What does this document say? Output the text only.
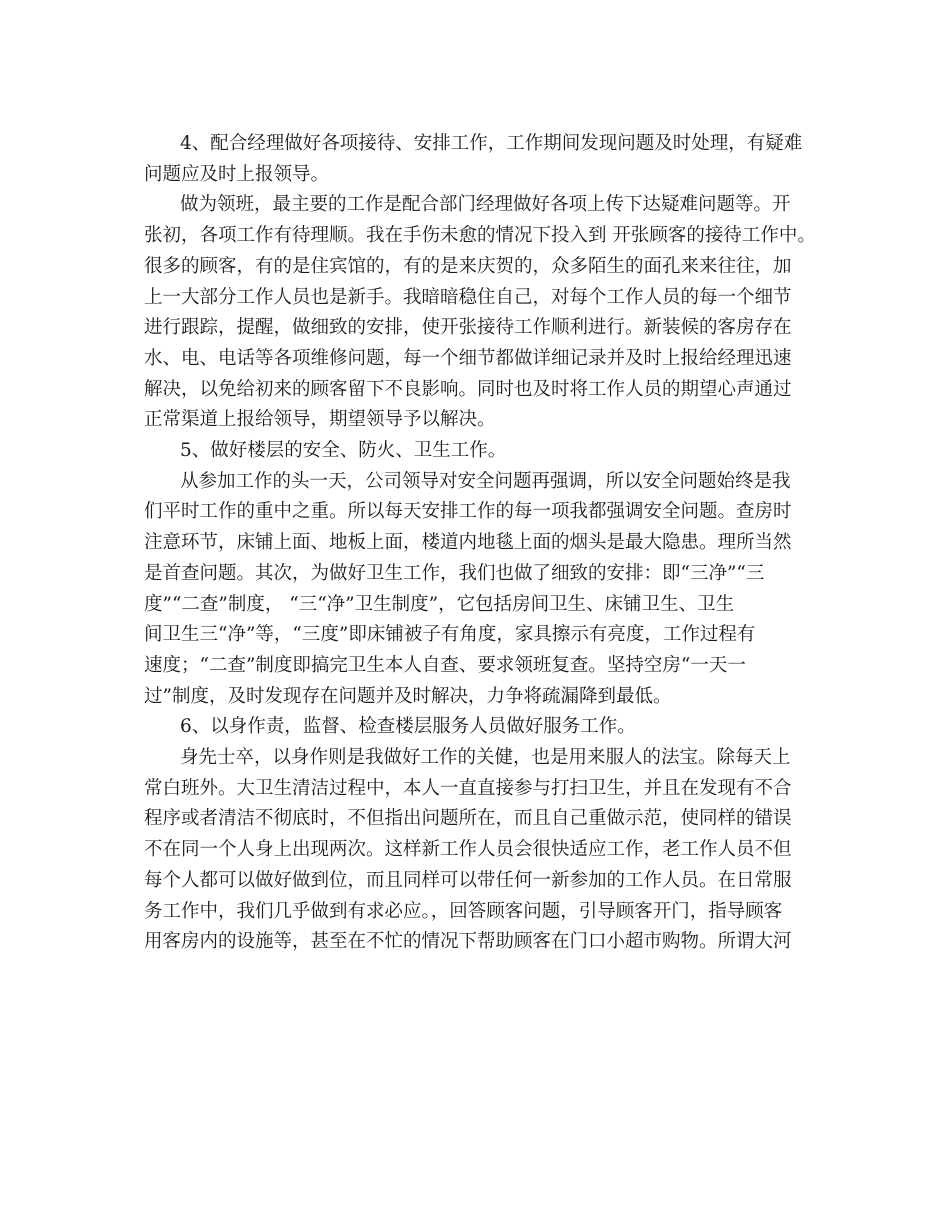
4、配合经理做好各项接待、安排工作，工作期间发现问题及时处理，有疑难
问题应及时上报领导。
做为领班，最主要的工作是配合部门经理做好各项上传下达疑难问题等。开
张初，各项工作有待理顺。我在手伤未愈的情况下投入到 开张顾客的接待工作中。
很多的顾客，有的是住宾馆的，有的是来庆贺的，众多陌生的面孔来来往往，加
上一大部分工作人员也是新手。我暗暗稳住自己，对每个工作人员的每一个细节
进行跟踪，提醒，做细致的安排，使开张接待工作顺利进行。新装候的客房存在
水、电、电话等各项维修问题，每一个细节都做详细记录并及时上报给经理迅速
解决，以免给初来的顾客留下不良影响。同时也及时将工作人员的期望心声通过
正常渠道上报给领导，期望领导予以解决。
5、做好楼层的安全、防火、卫生工作。
从参加工作的头一天，公司领导对安全问题再强调，所以安全问题始终是我
们平时工作的重中之重。所以每天安排工作的每一项我都强调安全问题。查房时
注意环节，床铺上面、地板上面，楼道内地毯上面的烟头是最大隐患。理所当然
是首查问题。其次，为做好卫生工作，我们也做了细致的安排：即“三净”“三
度”“二查”制度， “三“净”卫生制度”，它包括房间卫生、床铺卫生、卫生
间卫生三“净”等，“三度”即床铺被子有角度，家具擦示有亮度，工作过程有
速度；“二查”制度即搞完卫生本人自查、要求领班复查。坚持空房“一天一
过”制度，及时发现存在问题并及时解决，力争将疏漏降到最低。
6、以身作责，监督、检查楼层服务人员做好服务工作。
身先士卒，以身作则是我做好工作的关健，也是用来服人的法宝。除每天上
常白班外。大卫生清洁过程中，本人一直直接参与打扫卫生，并且在发现有不合
程序或者清洁不彻底时，不但指出问题所在，而且自己重做示范，使同样的错误
不在同一个人身上出现两次。这样新工作人员会很快适应工作，老工作人员不但
每个人都可以做好做到位，而且同样可以带任何一新参加的工作人员。在日常服
务工作中，我们几乎做到有求必应。，回答顾客问题，引导顾客开门，指导顾客
用客房内的设施等，甚至在不忙的情况下帮助顾客在门口小超市购物。所谓大河
